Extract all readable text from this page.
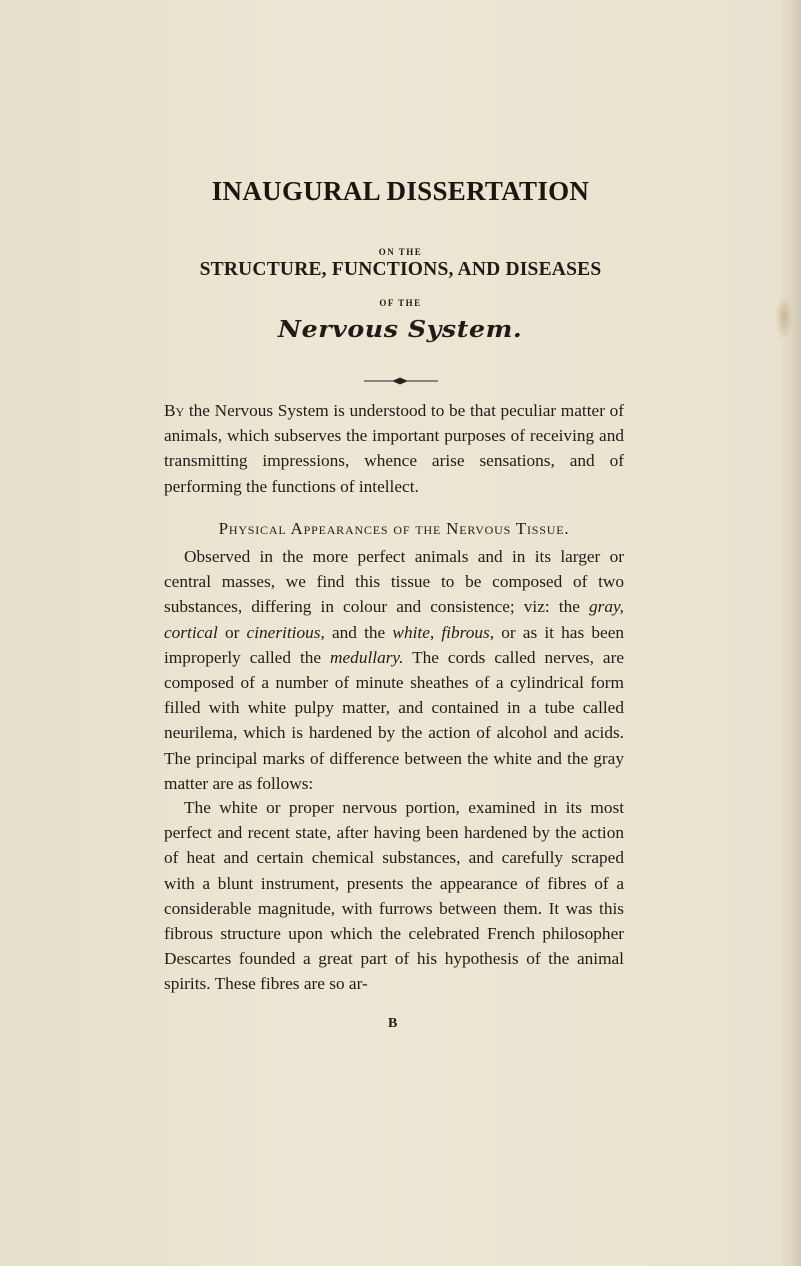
INAUGURAL DISSERTATION
ON THE
STRUCTURE, FUNCTIONS, AND DISEASES
OF THE
Nervous System.

By the Nervous System is understood to be that peculiar matter of animals, which subserves the important purposes of receiving and transmitting impressions, whence arise sensations, and of performing the functions of intellect.

Physical Appearances of the Nervous Tissue.

Observed in the more perfect animals and in its larger or central masses, we find this tissue to be composed of two substances, differing in colour and consistence; viz: the gray, cortical or cineritious, and the white, fibrous, or as it has been improperly called the medullary. The cords called nerves, are composed of a number of minute sheathes of a cylindrical form filled with white pulpy matter, and contained in a tube called neurilema, which is hardened by the action of alcohol and acids. The principal marks of difference between the white and the gray matter are as follows:

The white or proper nervous portion, examined in its most perfect and recent state, after having been hardened by the action of heat and certain chemical substances, and carefully scraped with a blunt instrument, presents the appearance of fibres of a considerable magnitude, with furrows between them. It was this fibrous structure upon which the celebrated French philosopher Descartes founded a great part of his hypothesis of the animal spirits. These fibres are so ar-

B
